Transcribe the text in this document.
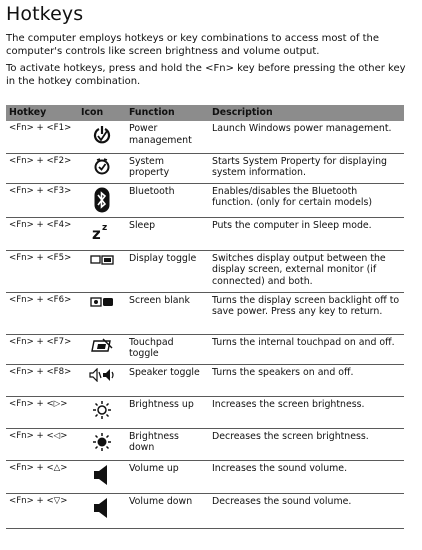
Hotkeys

The computer employs hotkeys or key combinations to access most of the computer's controls like screen brightness and volume output.

To activate hotkeys, press and hold the <Fn> key before pressing the other key in the hotkey combination.

Hotkey	Icon	Function	Description
<Fn> + <F1>		Power management	Launch Windows power management.
<Fn> + <F2>		System property	Starts System Property for displaying system information.
<Fn> + <F3>		Bluetooth	Enables/disables the Bluetooth function. (only for certain models)
<Fn> + <F4>	z z	Sleep	Puts the computer in Sleep mode.
<Fn> + <F5>		Display toggle	Switches display output between the display screen, external monitor (if connected) and both.
<Fn> + <F6>		Screen blank	Turns the display screen backlight off to save power. Press any key to return.
<Fn> + <F7>		Touchpad toggle	Turns the internal touchpad on and off.
<Fn> + <F8>		Speaker toggle	Turns the speakers on and off.
<Fn> + <▷>		Brightness up	Increases the screen brightness.
<Fn> + <◁>		Brightness down	Decreases the screen brightness.
<Fn> + <△>		Volume up	Increases the sound volume.
<Fn> + <▽>		Volume down	Decreases the sound volume.
